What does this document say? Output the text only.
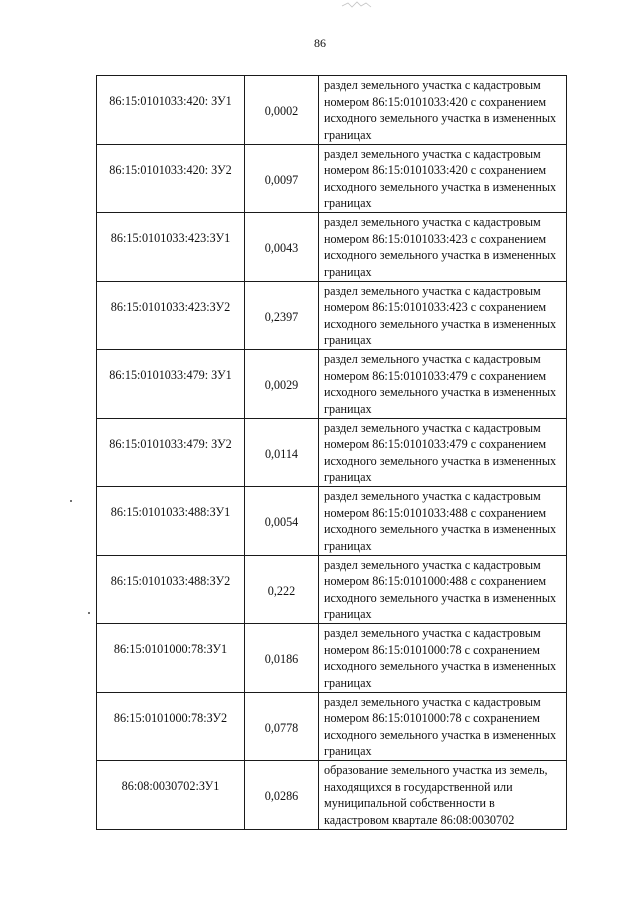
86
86:15:0101033:420: ЗУ1	0,0002	раздел земельного участка с кадастровым номером 86:15:0101033:420 с сохранением исходного земельного участка в измененных границах

86:15:0101033:420: ЗУ2	0,0097	раздел земельного участка с кадастровым номером 86:15:0101033:420 с сохранением исходного земельного участка в измененных границах

86:15:0101033:423:ЗУ1	0,0043	раздел земельного участка с кадастровым номером 86:15:0101033:423 с сохранением исходного земельного участка в измененных границах

86:15:0101033:423:ЗУ2	0,2397	раздел земельного участка с кадастровым номером 86:15:0101033:423 с сохранением исходного земельного участка в измененных границах

86:15:0101033:479: ЗУ1	0,0029	раздел земельного участка с кадастровым номером 86:15:0101033:479 с сохранением исходного земельного участка в измененных границах

86:15:0101033:479: ЗУ2	0,0114	раздел земельного участка с кадастровым номером 86:15:0101033:479 с сохранением исходного земельного участка в измененных границах

86:15:0101033:488:ЗУ1	0,0054	раздел земельного участка с кадастровым номером 86:15:0101033:488 с сохранением исходного земельного участка в измененных границах

86:15:0101033:488:ЗУ2	0,222	раздел земельного участка с кадастровым номером 86:15:0101000:488 с сохранением исходного земельного участка в измененных границах

86:15:0101000:78:ЗУ1	0,0186	раздел земельного участка с кадастровым номером 86:15:0101000:78 с сохранением исходного земельного участка в измененных границах

86:15:0101000:78:ЗУ2	0,0778	раздел земельного участка с кадастровым номером 86:15:0101000:78 с сохранением исходного земельного участка в измененных границах

86:08:0030702:ЗУ1	0,0286	образование земельного участка из земель, находящихся в государственной или муниципальной собственности в кадастровом квартале 86:08:0030702
